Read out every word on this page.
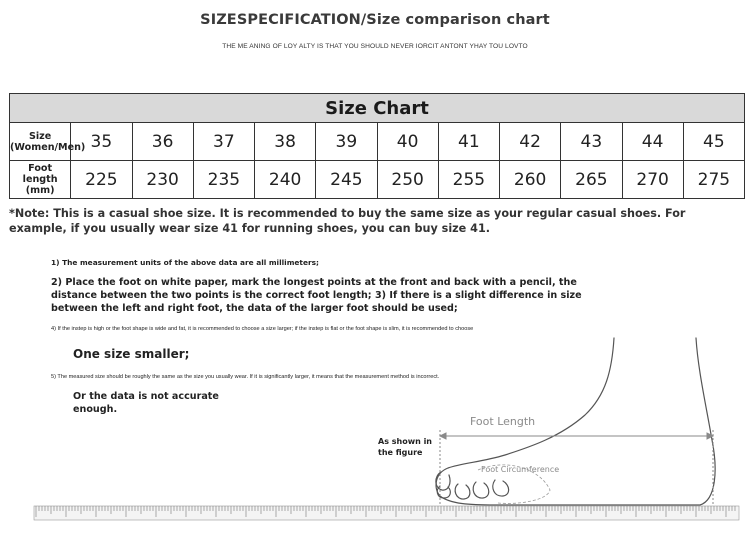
SIZESPECIFICATION/Size comparison chart
THE ME ANING OF LOY ALTY IS THAT YOU SHOULD NEVER IORCIT ANTONT YHAY TOU LOVTO
Size Chart											
Size (Women/Men)	35	36	37	38	39	40	41	42	43	44	45
Foot length (mm)	225	230	235	240	245	250	255	260	265	270	275
*Note: This is a casual shoe size. It is recommended to buy the same size as your regular casual shoes. For example, if you usually wear size 41 for running shoes, you can buy size 41.
1) The measurement units of the above data are all millimeters;
2) Place the foot on white paper, mark the longest points at the front and back with a pencil, the distance between the two points is the correct foot length; 3) If there is a slight difference in size between the left and right foot, the data of the larger foot should be used;
4) If the instep is high or the foot shape is wide and fat, it is recommended to choose a size larger; if the instep is flat or the foot shape is slim, it is recommended to choose
One size smaller;
5) The measured size should be roughly the same as the size you usually wear. If it is significantly larger, it means that the measurement method is incorrect.
Or the data is not accurate enough.
As shown in the figure
Foot Length
Foot Circumference
